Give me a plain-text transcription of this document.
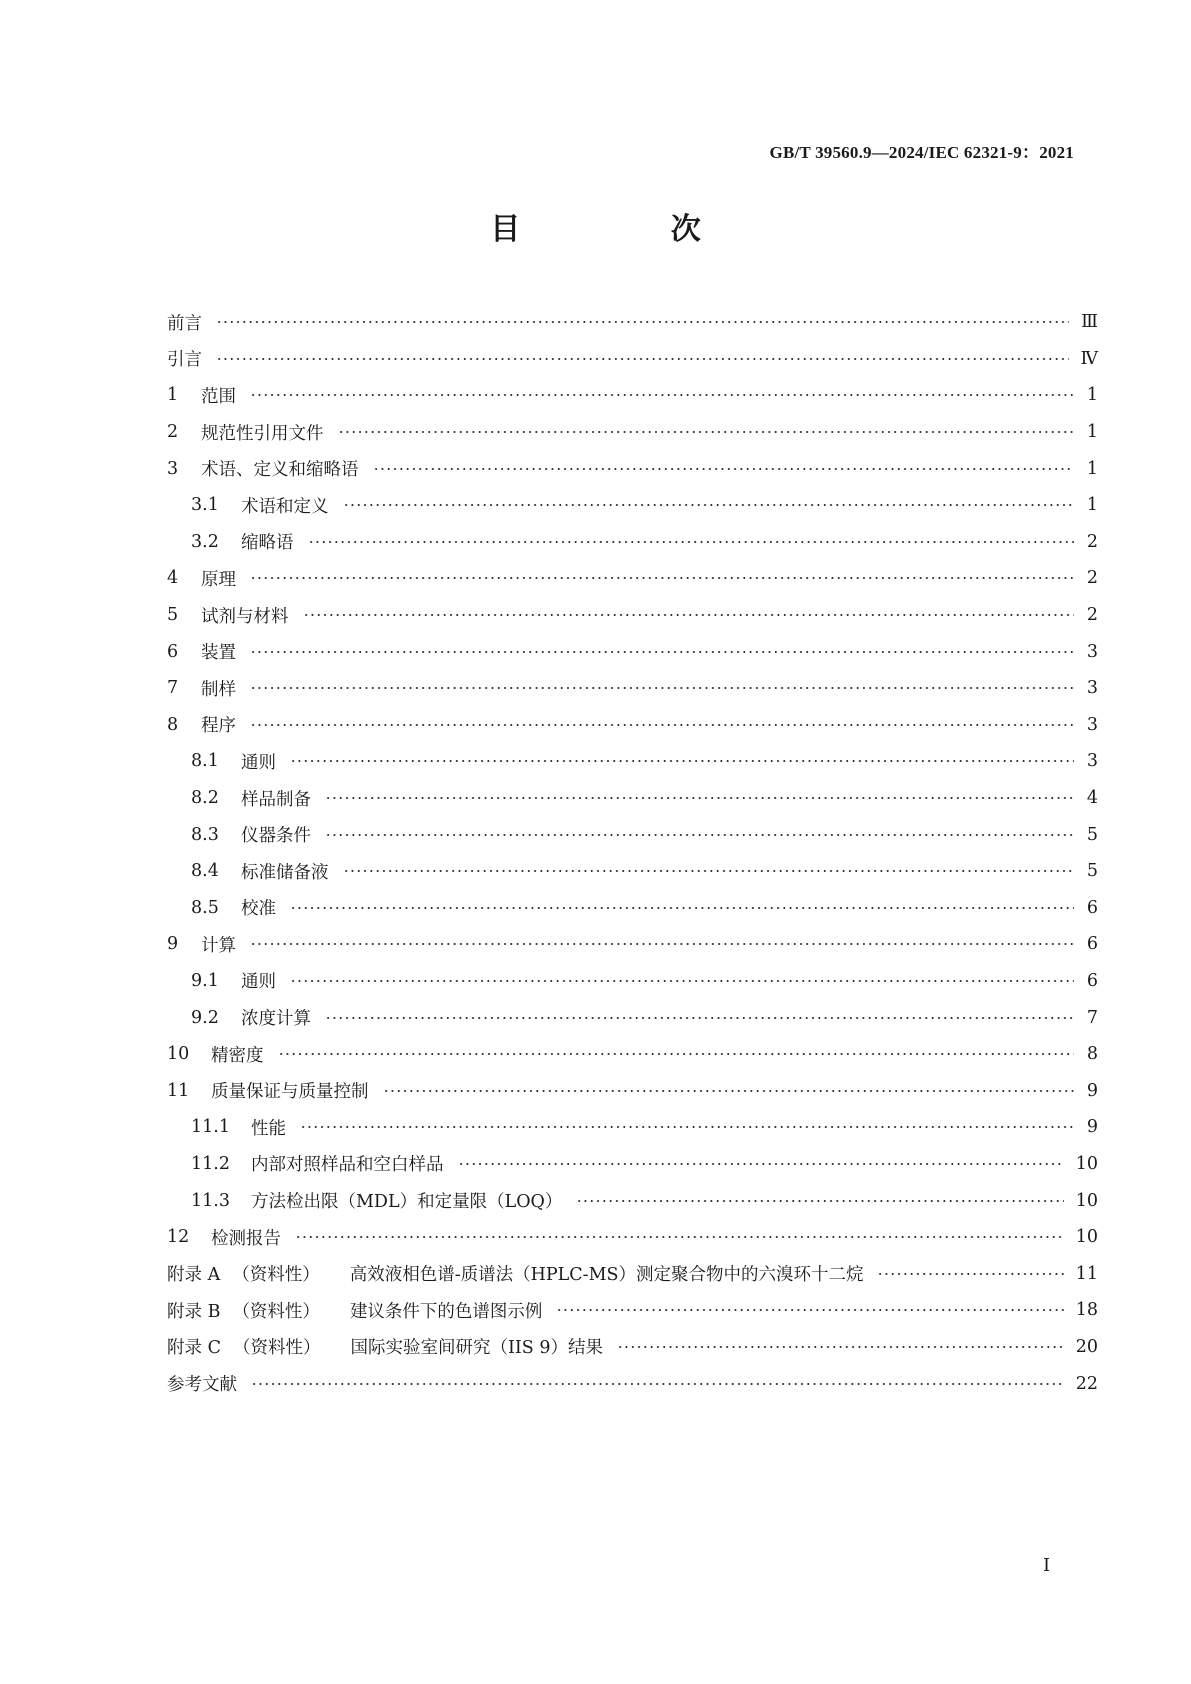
GB/T 39560.9—2024/IEC 62321-9：2021
目 次
前言	Ⅲ
引言	Ⅳ
1	范围	1
2	规范性引用文件	1
3	术语、定义和缩略语	1
3.1	术语和定义	1
3.2	缩略语	2
4	原理	2
5	试剂与材料	2
6	装置	3
7	制样	3
8	程序	3
8.1	通则	3
8.2	样品制备	4
8.3	仪器条件	5
8.4	标准储备液	5
8.5	校准	6
9	计算	6
9.1	通则	6
9.2	浓度计算	7
10	精密度	8
11	质量保证与质量控制	9
11.1	性能	9
11.2	内部对照样品和空白样品	10
11.3	方法检出限（MDL）和定量限（LOQ）	10
12	检测报告	10
附录 A （资料性） 高效液相色谱-质谱法（HPLC-MS）测定聚合物中的六溴环十二烷	11
附录 B （资料性） 建议条件下的色谱图示例	18
附录 C （资料性） 国际实验室间研究（IIS 9）结果	20
参考文献	22
I
